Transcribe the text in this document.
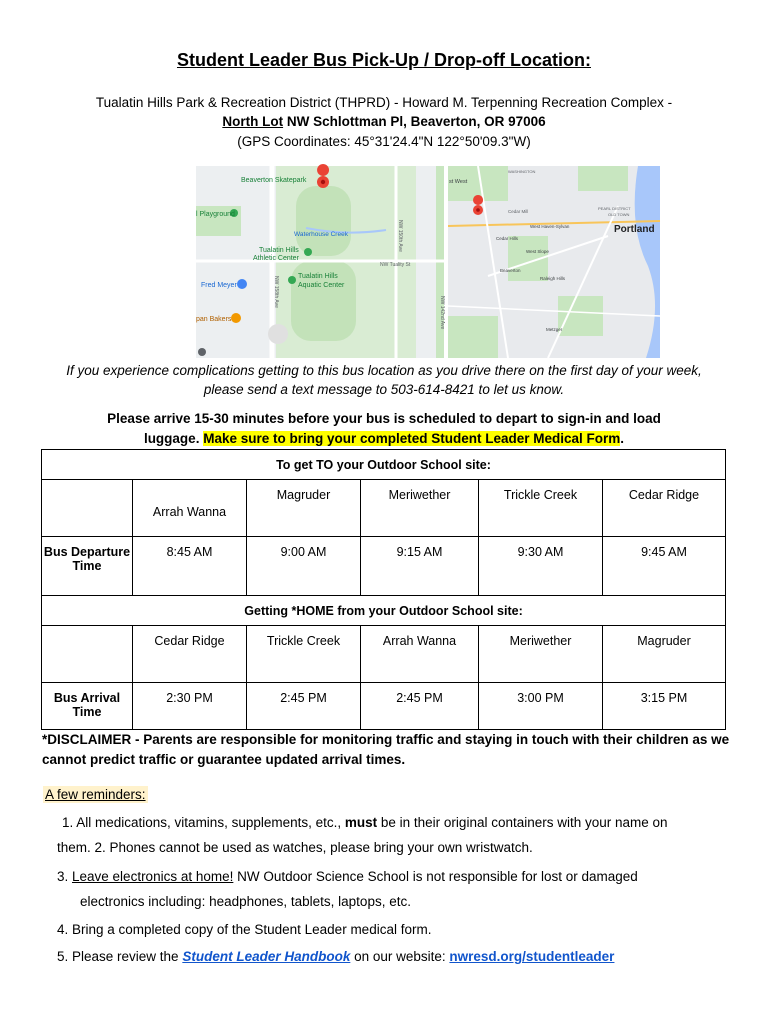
Student Leader Bus Pick-Up / Drop-off Location:
Tualatin Hills Park & Recreation District (THPRD) - Howard M. Terpenning Recreation Complex -
North Lot NW Schlottman Pl, Beaverton, OR 97006
(GPS Coordinates: 45°31'24.4"N 122°50'09.3"W)
Beaverton Skatepark
l Playground
Waterhouse Creek
Tualatin Hills
Athletic Center
Tualatin Hills
Aquatic Center
Fred Meyer
pan Bakers
NW Tuality St
NW 158th Ave
NW 150th Ave
NW 142nd Ave
st West
Cedar Mill
Cedar Hills
West Haven-Sylvan
West Slope
Beaverton
Raleigh Hills
Metzger
PEARL DISTRICT
OLD TOWN
WASHINGTON
Portland
If you experience complications getting to this bus location as you drive there on the first day of your week,
please send a text message to 503-614-8421 to let us know.
Please arrive 15-30 minutes before your bus is scheduled to depart to sign-in and load
luggage. Make sure to bring your completed Student Leader Medical Form.
To get TO your Outdoor School site:					
	Arrah Wanna	Magruder	Meriwether	Trickle Creek	Cedar Ridge
Bus Departure Time	8:45 AM	9:00 AM	9:15 AM	9:30 AM	9:45 AM
Getting *HOME from your Outdoor School site:					
	Cedar Ridge	Trickle Creek	Arrah Wanna	Meriwether	Magruder
Bus Arrival Time	2:30 PM	2:45 PM	2:45 PM	3:00 PM	3:15 PM
*DISCLAIMER - Parents are responsible for monitoring traffic and staying in touch with their children as we cannot predict traffic or guarantee updated arrival times.
A few reminders:
1. All medications, vitamins, supplements, etc., must be in their original containers with your name on
them. 2. Phones cannot be used as watches, please bring your own wristwatch.
3. Leave electronics at home! NW Outdoor Science School is not responsible for lost or damaged
electronics including: headphones, tablets, laptops, etc.
4. Bring a completed copy of the Student Leader medical form.
5. Please review the Student Leader Handbook on our website: nwresd.org/studentleader
